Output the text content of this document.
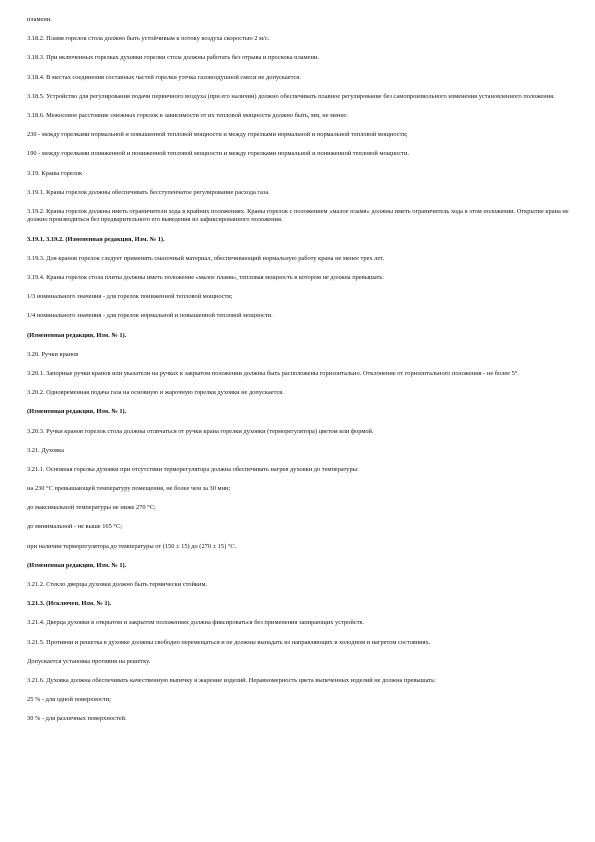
пламени.

3.18.2. Пламя горелок стола должно быть устойчивым к потоку воздуха скоростью 2 м/с.

3.18.3. При включенных горелках духовки горелки стола должны работать без отрыва и проскока пламени.

3.18.4. В местах соединения составных частей горелки утечка газовоздушной смеси не допускается.

3.18.5. Устройство для регулирования подачи первичного воздуха (при его наличии) должно обеспечивать плавное регулирование без самопроизвольного изменения установленного положения.

3.18.6. Межосевое расстояние смежных горелок в зависимости от их тепловой мощности должно быть, мм, не менее:

230 - между горелками нормальной и повышенной тепловой мощности и между горелками нормальной и нормальной тепловой мощности;

190 - между горелками пониженной и пониженной тепловой мощности и между горелками нормальной и пониженной тепловой мощности.

3.19. Краны горелок

3.19.1. Краны горелок должны обеспечивать бесступенчатое регулирование расхода газа.

3.19.2. Краны горелок должны иметь ограничители хода в крайних положениях. Краны горелок с положением «малое пламя» должны иметь ограничитель хода в этом положении. Открытие крана не должно производиться без предварительного его выведения из зафиксированного положения.

3.19.1, 3.19.2. (Измененная редакция, Изм. № 1).

3.19.3. Для кранов горелок следует применять смазочный материал, обеспечивающий нормальную работу крана не менее трех лет.

3.19.4. Краны горелок стола плиты должны иметь положение «малое пламя», тепловая мощность в котором не должна превышать:

1/3 номинального значения - для горелок пониженной тепловой мощности;

1/4 номинального значения - для горелок нормальной и повышенной тепловой мощности.

(Измененная редакция, Изм. № 1).

3.20. Ручки кранов

3.20.1. Запорные ручки кранов или указатели на ручках в закрытом положении должны быть расположены горизонтально. Отклонение от горизонтального положения - не более 5°.

3.20.2. Одновременная подача газа на основную и жарочную горелки духовки не допускается.

(Измененная редакция, Изм. № 1).

3.20.3. Ручки кранов горелок стола должны отличаться от ручки крана горелки духовки (терморегулятора) цветом или формой.

3.21. Духовка

3.21.1. Основная горелка духовки при отсутствии терморегулятора должна обеспечивать нагрев духовки до температуры:

на 230 °С превышающей температуру помещения, не более чем за 30 мин;

до максимальной температуры не ниже 270 °С;

до минимальной - не выше 165 °С;

при наличии терморегулятора до температуры от (150 ± 15) до (270 ± 15) °С.

(Измененная редакция, Изм. № 1).

3.21.2. Стекло дверцы духовки должно быть термически стойким.

3.21.3. (Исключен, Изм. № 1).

3.21.4. Дверца духовки в открытом и закрытом положениях должна фиксироваться без применения запирающих устройств.

3.21.5. Противни и решетка в духовке должны свободно перемещаться и не должны выпадать из направляющих в холодном и нагретом состояниях.

Допускается установка противня на решетку.

3.21.6. Духовка должна обеспечивать качественную выпечку и жарение изделий. Неравномерность цвета выпеченных изделий не должна превышать:

25 % - для одной поверхности;

30 % - для различных поверхностей.
